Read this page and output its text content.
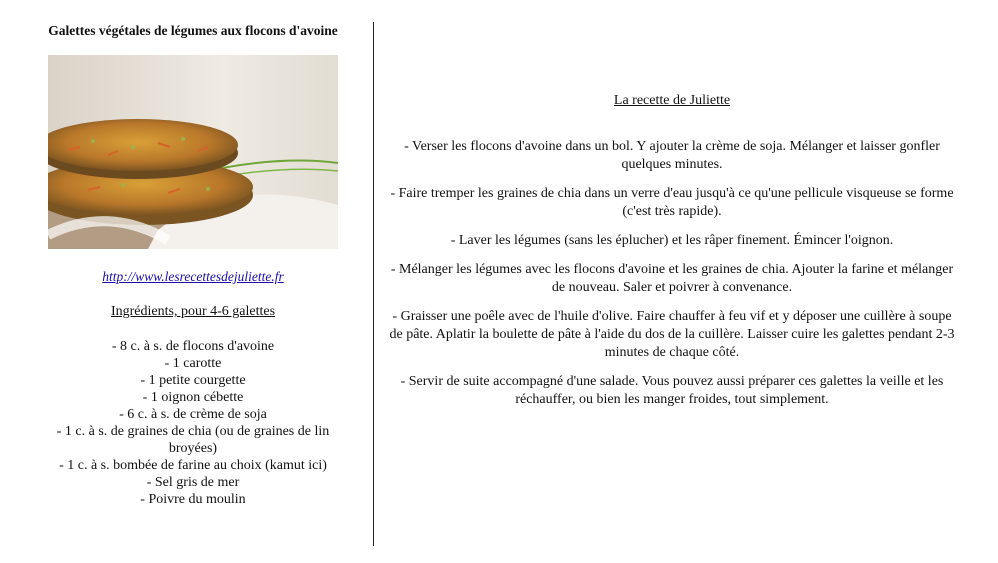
Galettes végétales de légumes aux flocons d'avoine
http://www.lesrecettesdejuliette.fr
Ingrédients, pour 4-6 galettes
- 8 c. à s. de flocons d'avoine
- 1 carotte
- 1 petite courgette
- 1 oignon cébette
- 6 c. à s. de crème de soja
- 1 c. à s. de graines de chia (ou de graines de lin broyées)
- 1 c. à s. bombée de farine au choix (kamut ici)
- Sel gris de mer
- Poivre du moulin
La recette de Juliette

- Verser les flocons d'avoine dans un bol. Y ajouter la crème de soja. Mélanger et laisser gonfler quelques minutes.

- Faire tremper les graines de chia dans un verre d'eau jusqu'à ce qu'une pellicule visqueuse se forme (c'est très rapide).

- Laver les légumes (sans les éplucher) et les râper finement. Émincer l'oignon.

- Mélanger les légumes avec les flocons d'avoine et les graines de chia. Ajouter la farine et mélanger de nouveau. Saler et poivrer à convenance.

- Graisser une poêle avec de l'huile d'olive. Faire chauffer à feu vif et y déposer une cuillère à soupe de pâte. Aplatir la boulette de pâte à l'aide du dos de la cuillère. Laisser cuire les galettes pendant 2-3 minutes de chaque côté.

- Servir de suite accompagné d'une salade. Vous pouvez aussi préparer ces galettes la veille et les réchauffer, ou bien les manger froides, tout simplement.
